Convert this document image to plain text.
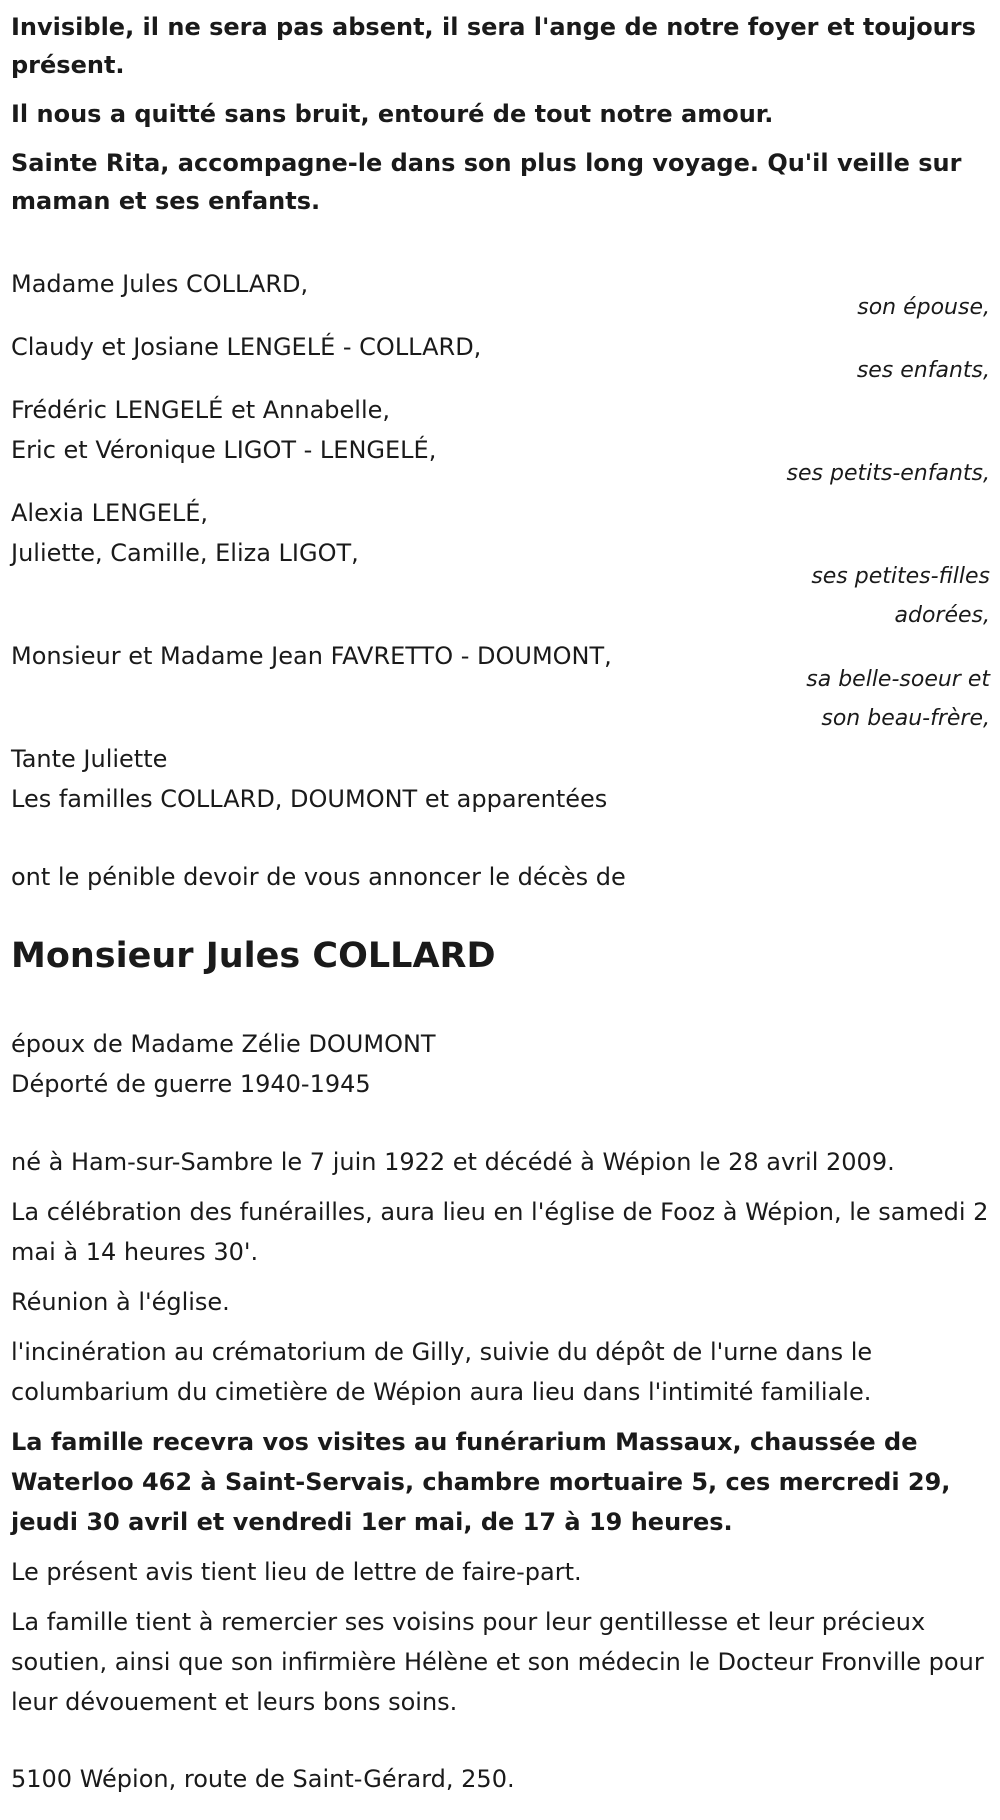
Invisible, il ne sera pas absent, il sera l'ange de notre foyer et toujours présent.

Il nous a quitté sans bruit, entouré de tout notre amour.

Sainte Rita, accompagne-le dans son plus long voyage. Qu'il veille sur maman et ses enfants.

Madame Jules COLLARD,
son épouse,
Claudy et Josiane LENGELÉ - COLLARD,
ses enfants,
Frédéric LENGELÉ et Annabelle,
Eric et Véronique LIGOT - LENGELÉ,
ses petits-enfants,
Alexia LENGELÉ,
Juliette, Camille, Eliza LIGOT,
ses petites-filles
adorées,
Monsieur et Madame Jean FAVRETTO - DOUMONT,
sa belle-soeur et
son beau-frère,
Tante Juliette
Les familles COLLARD, DOUMONT et apparentées
ont le pénible devoir de vous annoncer le décès de
Monsieur Jules COLLARD
époux de Madame Zélie DOUMONT
Déporté de guerre 1940-1945

né à Ham-sur-Sambre le 7 juin 1922 et décédé à Wépion le 28 avril 2009.

La célébration des funérailles, aura lieu en l'église de Fooz à Wépion, le samedi 2 mai à 14 heures 30'.

Réunion à l'église.

l'incinération au crématorium de Gilly, suivie du dépôt de l'urne dans le columbarium du cimetière de Wépion aura lieu dans l'intimité familiale.

La famille recevra vos visites au funérarium Massaux, chaussée de Waterloo 462 à Saint-Servais, chambre mortuaire 5, ces mercredi 29, jeudi 30 avril et vendredi 1er mai, de 17 à 19 heures.

Le présent avis tient lieu de lettre de faire-part.

La famille tient à remercier ses voisins pour leur gentillesse et leur précieux soutien, ainsi que son infirmière Hélène et son médecin le Docteur Fronville pour leur dévouement et leurs bons soins.

5100 Wépion, route de Saint-Gérard, 250.
